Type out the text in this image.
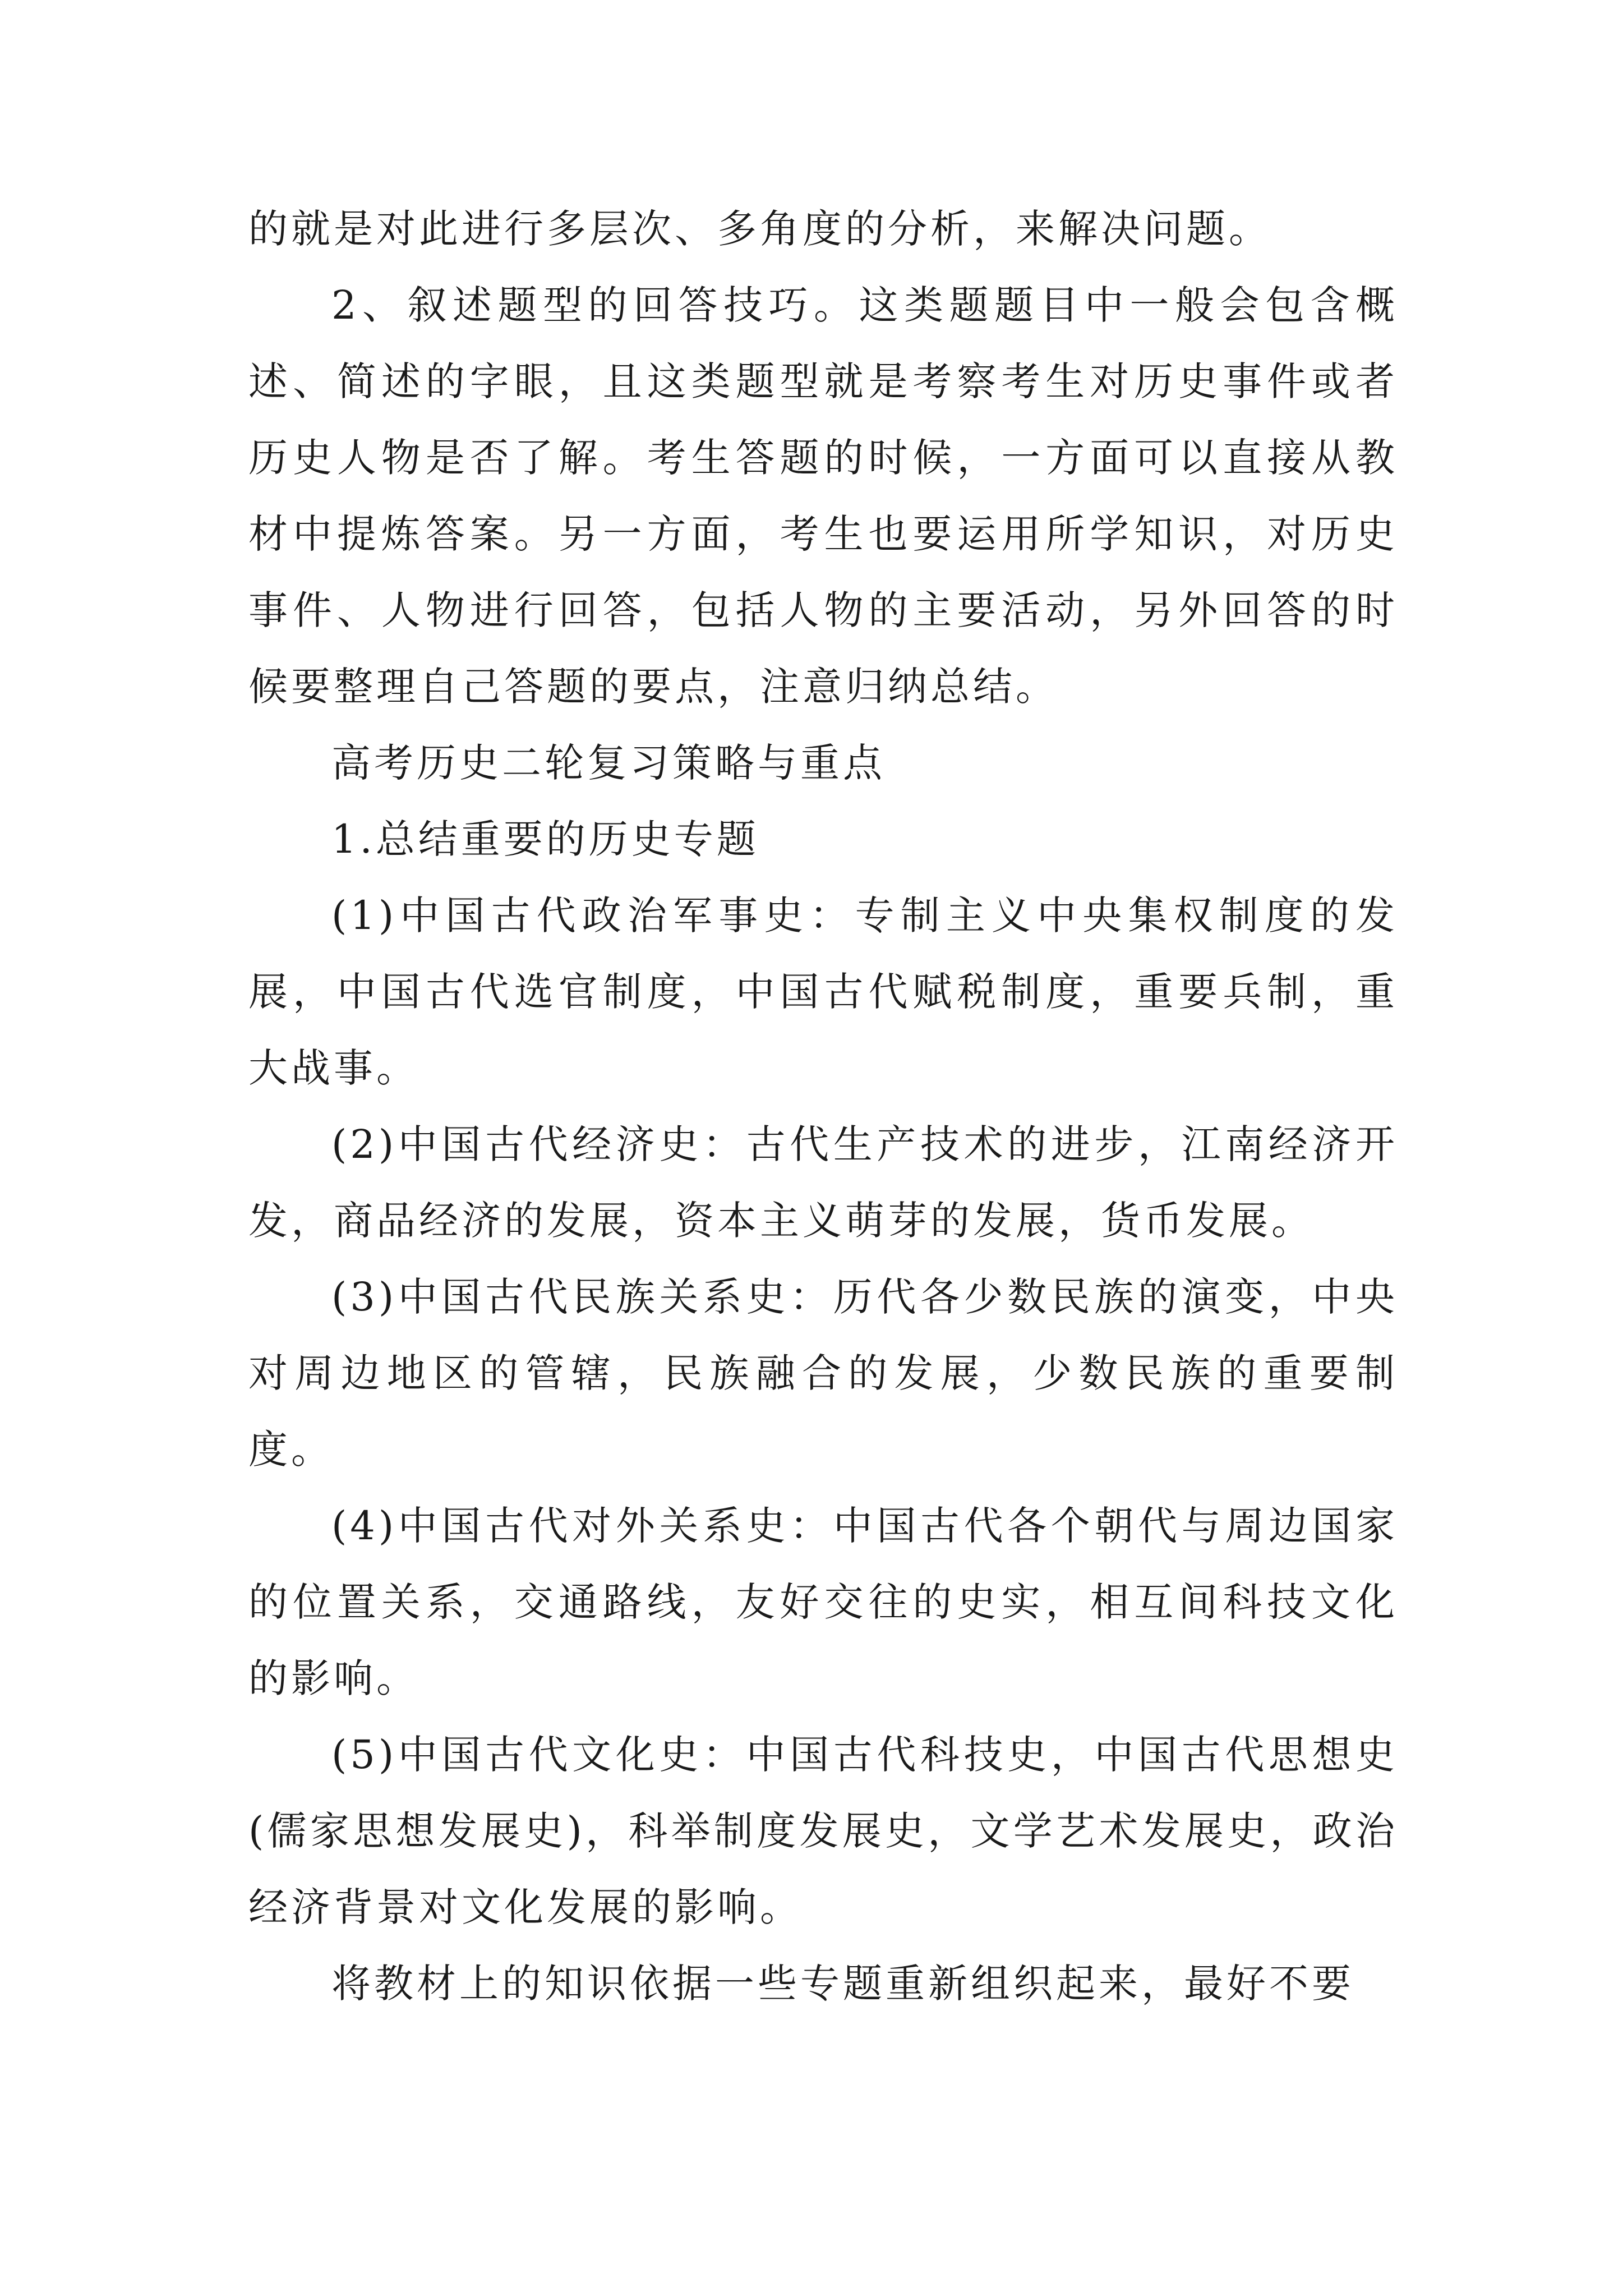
的就是对此进行多层次、多角度的分析，来解决问题。

2、叙述题型的回答技巧。这类题题目中一般会包含概述、简述的字眼，且这类题型就是考察考生对历史事件或者历史人物是否了解。考生答题的时候，一方面可以直接从教材中提炼答案。另一方面，考生也要运用所学知识，对历史事件、人物进行回答，包括人物的主要活动，另外回答的时候要整理自己答题的要点，注意归纳总结。

高考历史二轮复习策略与重点

1.总结重要的历史专题

(1)中国古代政治军事史：专制主义中央集权制度的发展，中国古代选官制度，中国古代赋税制度，重要兵制，重大战事。

(2)中国古代经济史：古代生产技术的进步，江南经济开发，商品经济的发展，资本主义萌芽的发展，货币发展。

(3)中国古代民族关系史：历代各少数民族的演变，中央对周边地区的管辖，民族融合的发展，少数民族的重要制度。

(4)中国古代对外关系史：中国古代各个朝代与周边国家的位置关系，交通路线，友好交往的史实，相互间科技文化的影响。

(5)中国古代文化史：中国古代科技史，中国古代思想史(儒家思想发展史)，科举制度发展史，文学艺术发展史，政治经济背景对文化发展的影响。

将教材上的知识依据一些专题重新组织起来，最好不要
